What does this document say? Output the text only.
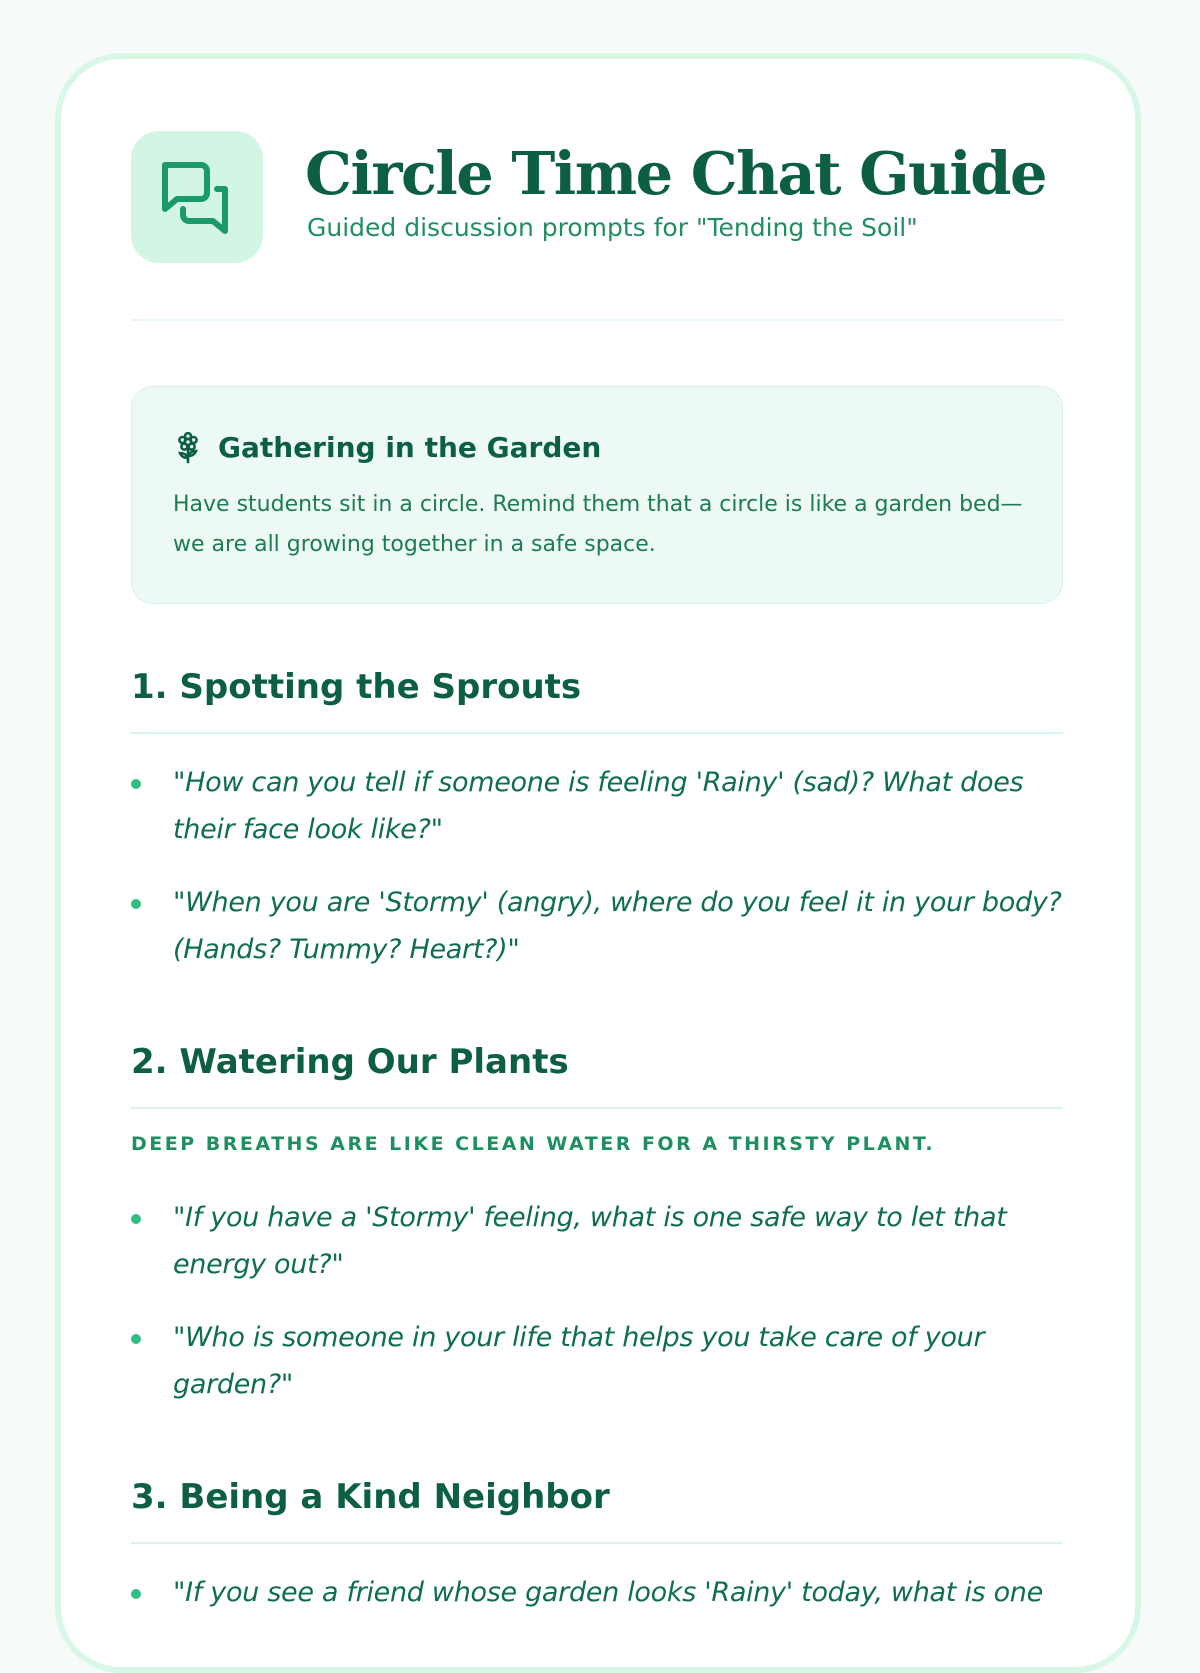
Circle Time Chat Guide
Guided discussion prompts for "Tending the Soil"
Gathering in the Garden

Have students sit in a circle. Remind them that a circle is like a garden bed—we are all growing together in a safe space.

1. Spotting the Sprouts

"How can you tell if someone is feeling 'Rainy' (sad)? What does their face look like?"

"When you are 'Stormy' (angry), where do you feel it in your body? (Hands? Tummy? Heart?)"

2. Watering Our Plants
DEEP BREATHS ARE LIKE CLEAN WATER FOR A THIRSTY PLANT.

"If you have a 'Stormy' feeling, what is one safe way to let that energy out?"

"Who is someone in your life that helps you take care of your garden?"

3. Being a Kind Neighbor

"If you see a friend whose garden looks 'Rainy' today, what is one
